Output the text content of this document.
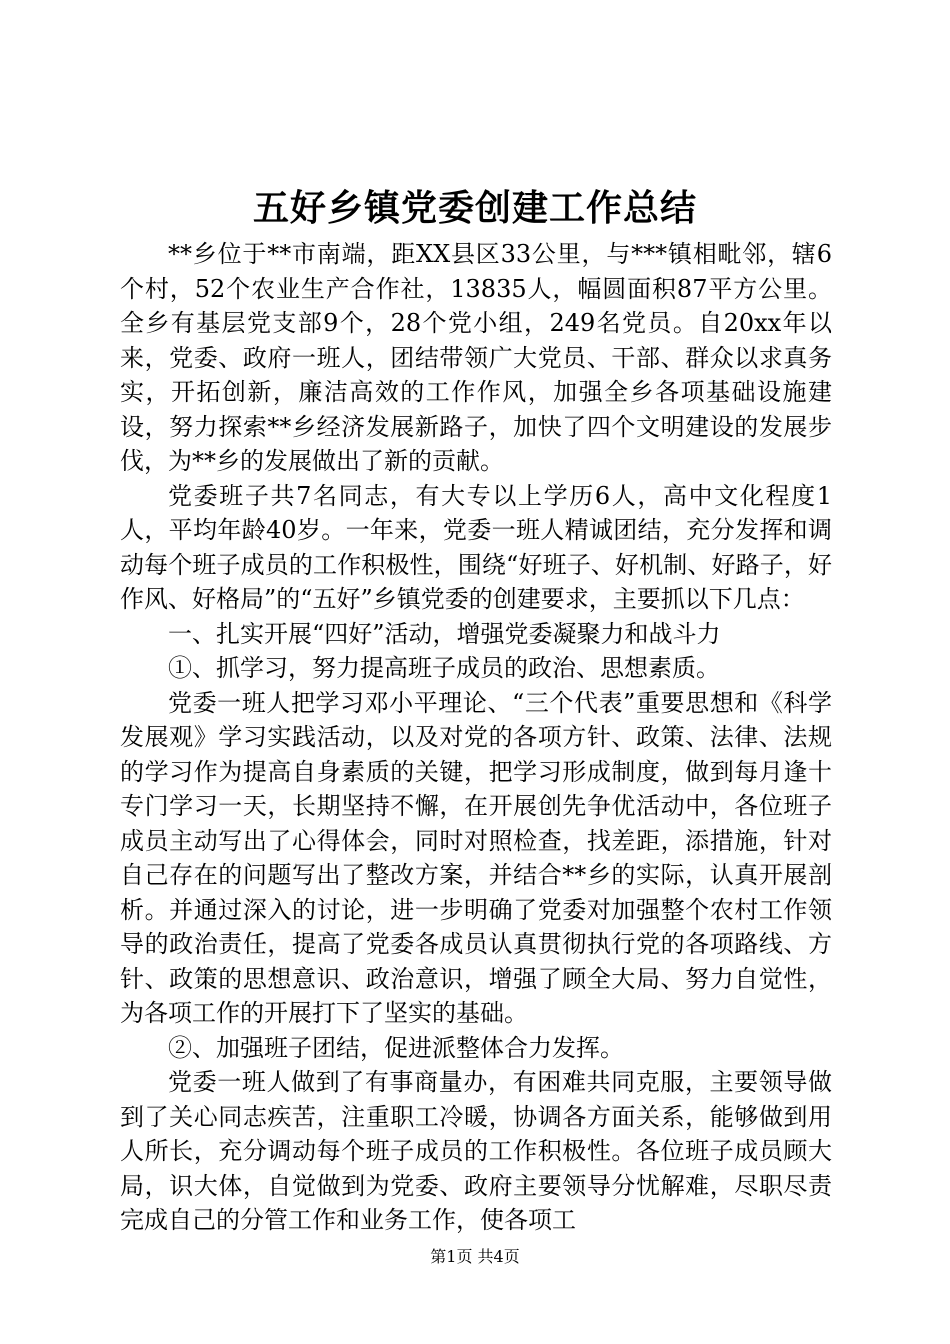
五好乡镇党委创建工作总结

**乡位于**市南端，距XX县区33公里，与***镇相毗邻，辖6个村，52个农业生产合作社，13835人，幅圆面积87平方公里。全乡有基层党支部9个，28个党小组，249名党员。自20xx年以来，党委、政府一班人，团结带领广大党员、干部、群众以求真务实，开拓创新，廉洁高效的工作作风，加强全乡各项基础设施建设，努力探索**乡经济发展新路子，加快了四个文明建设的发展步伐，为**乡的发展做出了新的贡献。

党委班子共7名同志，有大专以上学历6人，高中文化程度1人，平均年龄40岁。一年来，党委一班人精诚团结，充分发挥和调动每个班子成员的工作积极性，围绕“好班子、好机制、好路子，好作风、好格局”的“五好”乡镇党委的创建要求，主要抓以下几点：

一、扎实开展“四好”活动，增强党委凝聚力和战斗力

①、抓学习，努力提高班子成员的政治、思想素质。

党委一班人把学习邓小平理论、“三个代表”重要思想和《科学发展观》学习实践活动，以及对党的各项方针、政策、法律、法规的学习作为提高自身素质的关键，把学习形成制度，做到每月逢十专门学习一天，长期坚持不懈，在开展创先争优活动中，各位班子成员主动写出了心得体会，同时对照检查，找差距，添措施，针对自己存在的问题写出了整改方案，并结合**乡的实际，认真开展剖析。并通过深入的讨论，进一步明确了党委对加强整个农村工作领导的政治责任，提高了党委各成员认真贯彻执行党的各项路线、方针、政策的思想意识、政治意识，增强了顾全大局、努力自觉性，为各项工作的开展打下了坚实的基础。

②、加强班子团结，促进派整体合力发挥。

党委一班人做到了有事商量办，有困难共同克服，主要领导做到了关心同志疾苦，注重职工冷暖，协调各方面关系，能够做到用人所长，充分调动每个班子成员的工作积极性。各位班子成员顾大局，识大体，自觉做到为党委、政府主要领导分忧解难，尽职尽责完成自己的分管工作和业务工作，使各项工

第1页 共4页
